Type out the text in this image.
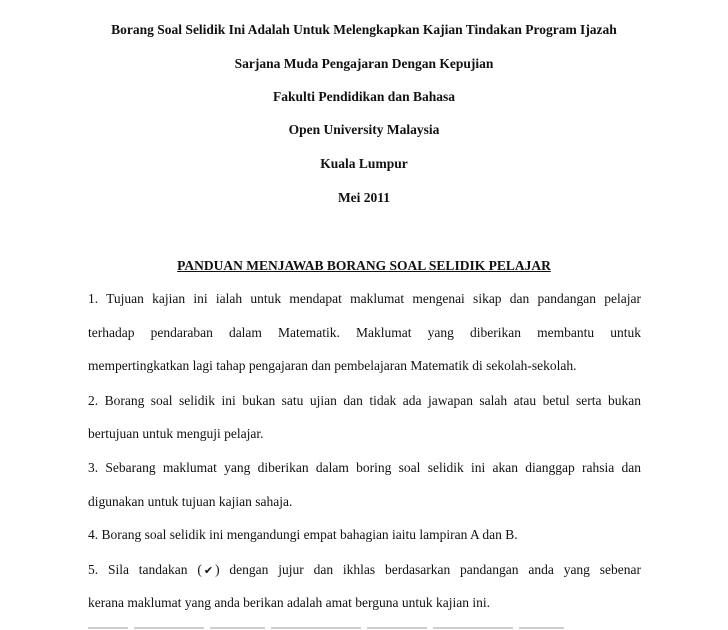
Borang Soal Selidik Ini Adalah Untuk Melengkapkan Kajian Tindakan Program Ijazah
Sarjana Muda Pengajaran Dengan Kepujian
Fakulti Pendidikan dan Bahasa
Open University Malaysia
Kuala Lumpur
Mei 2011
PANDUAN MENJAWAB BORANG SOAL SELIDIK PELAJAR
1. Tujuan kajian ini ialah untuk mendapat maklumat mengenai sikap dan pandangan pelajar
terhadap pendaraban dalam Matematik. Maklumat yang diberikan membantu untuk
mempertingkatkan lagi tahap pengajaran dan pembelajaran Matematik di sekolah-sekolah.
2. Borang soal selidik ini bukan satu ujian dan tidak ada jawapan salah atau betul serta bukan
bertujuan untuk menguji pelajar.
3. Sebarang maklumat yang diberikan dalam boring soal selidik ini akan dianggap rahsia dan
digunakan untuk tujuan kajian sahaja.
4. Borang soal selidik ini mengandungi empat bahagian iaitu lampiran A dan B.
5. Sila tandakan ( ✔ ) dengan jujur dan ikhlas berdasarkan pandangan anda yang sebenar
kerana maklumat yang anda berikan adalah amat berguna untuk kajian ini.
